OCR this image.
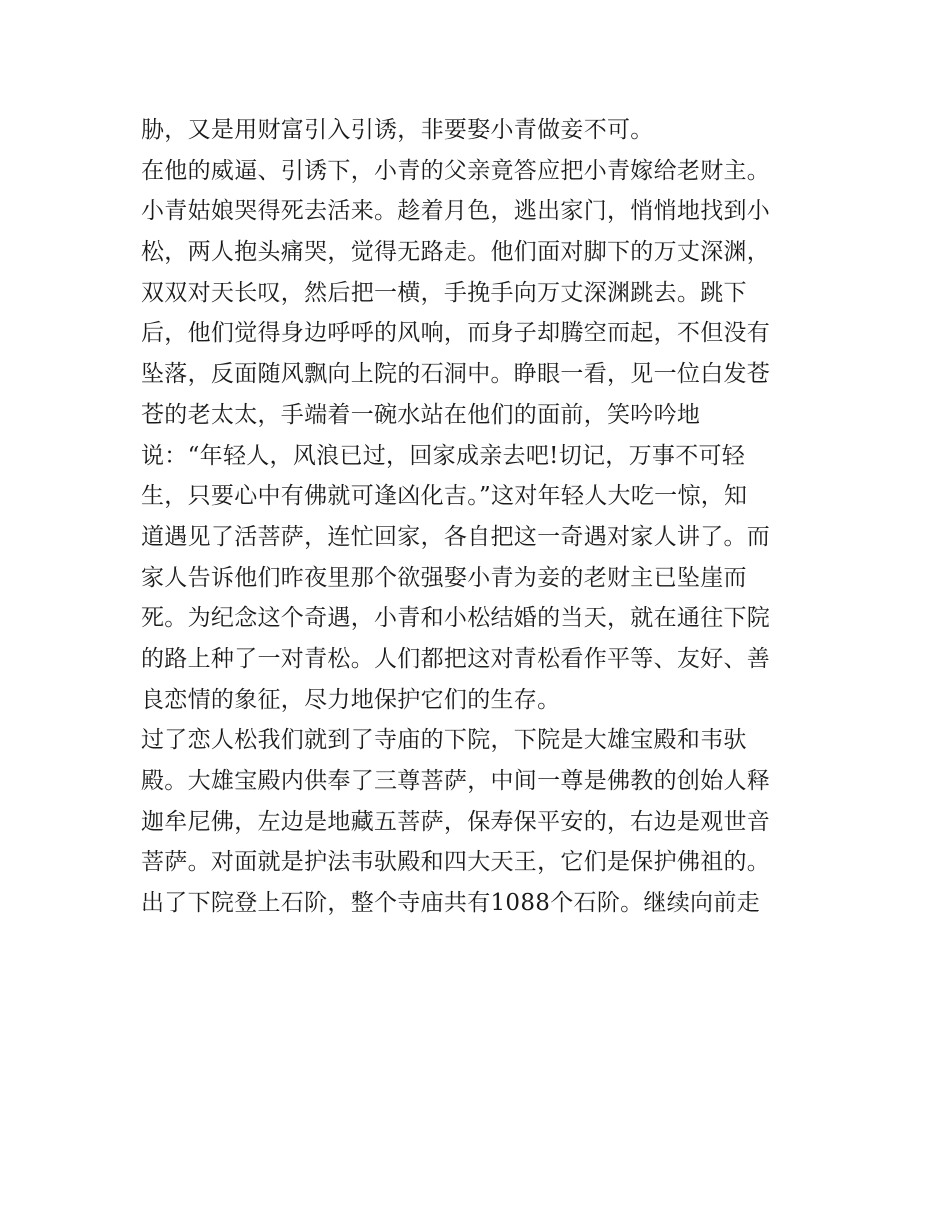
胁，又是用财富引入引诱，非要娶小青做妾不可。
在他的威逼、引诱下，小青的父亲竟答应把小青嫁给老财主。
小青姑娘哭得死去活来。趁着月色，逃出家门，悄悄地找到小
松，两人抱头痛哭，觉得无路走。他们面对脚下的万丈深渊，
双双对天长叹，然后把一横，手挽手向万丈深渊跳去。跳下
后，他们觉得身边呼呼的风响，而身子却腾空而起，不但没有
坠落，反面随风飘向上院的石洞中。睁眼一看，见一位白发苍
苍的老太太，手端着一碗水站在他们的面前，笑吟吟地
说：“年轻人，风浪已过，回家成亲去吧!切记，万事不可轻
生，只要心中有佛就可逢凶化吉。”这对年轻人大吃一惊，知
道遇见了活菩萨，连忙回家，各自把这一奇遇对家人讲了。而
家人告诉他们昨夜里那个欲强娶小青为妾的老财主已坠崖而
死。为纪念这个奇遇，小青和小松结婚的当天，就在通往下院
的路上种了一对青松。人们都把这对青松看作平等、友好、善
良恋情的象征，尽力地保护它们的生存。
过了恋人松我们就到了寺庙的下院，下院是大雄宝殿和韦驮
殿。大雄宝殿内供奉了三尊菩萨，中间一尊是佛教的创始人释
迦牟尼佛，左边是地藏五菩萨，保寿保平安的，右边是观世音
菩萨。对面就是护法韦驮殿和四大天王，它们是保护佛祖的。
出了下院登上石阶，整个寺庙共有1088个石阶。继续向前走
